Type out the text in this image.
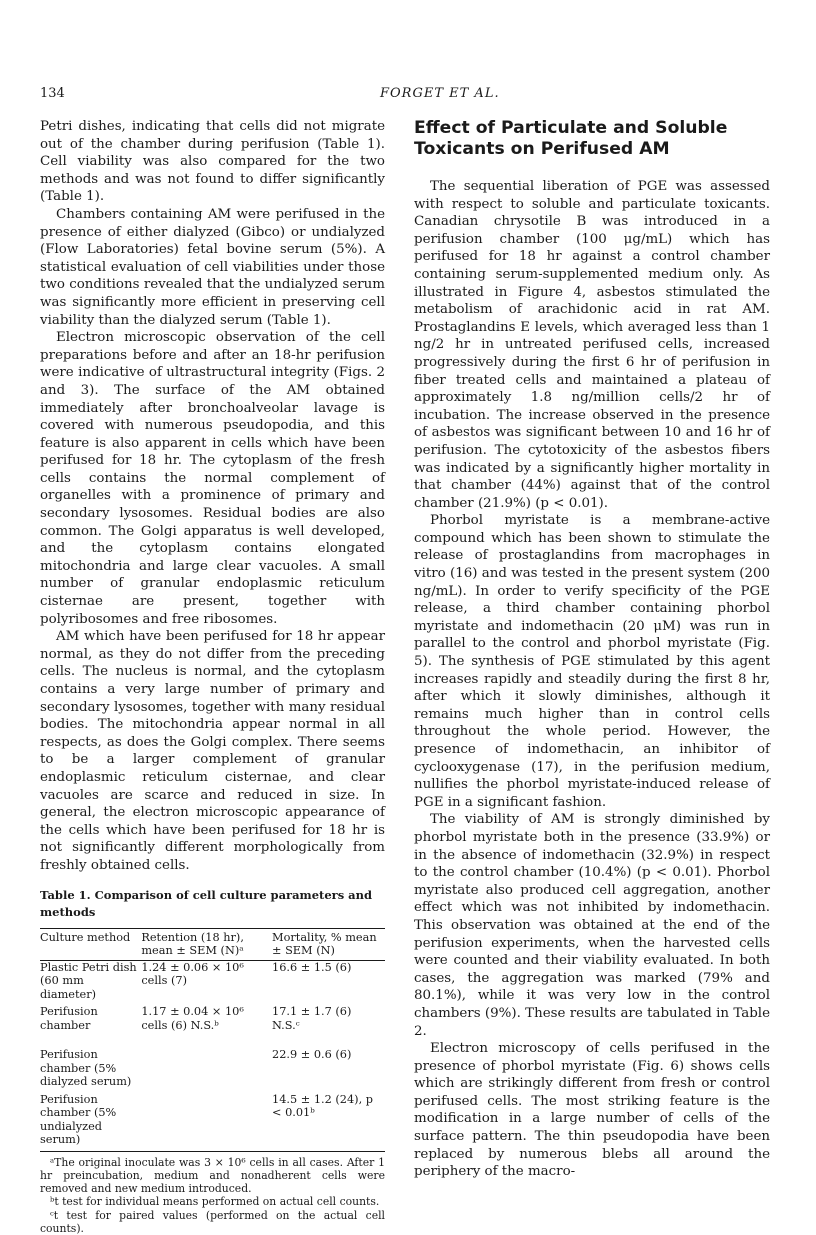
134	FORGET ET AL.

Petri dishes, indicating that cells did not migrate out of the chamber during perifusion (Table 1). Cell viability was also compared for the two methods and was not found to differ significantly (Table 1).

Chambers containing AM were perifused in the presence of either dialyzed (Gibco) or undialyzed (Flow Laboratories) fetal bovine serum (5%). A statistical evaluation of cell viabilities under those two conditions revealed that the undialyzed serum was significantly more efficient in preserving cell viability than the dialyzed serum (Table 1).

Electron microscopic observation of the cell preparations before and after an 18-hr perifusion were indicative of ultrastructural integrity (Figs. 2 and 3). The surface of the AM obtained immediately after bronchoalveolar lavage is covered with numerous pseudopodia, and this feature is also apparent in cells which have been perifused for 18 hr. The cytoplasm of the fresh cells contains the normal complement of organelles with a prominence of primary and secondary lysosomes. Residual bodies are also common. The Golgi apparatus is well developed, and the cytoplasm contains elongated mitochondria and large clear vacuoles. A small number of granular endoplasmic reticulum cisternae are present, together with polyribosomes and free ribosomes.

AM which have been perifused for 18 hr appear normal, as they do not differ from the preceding cells. The nucleus is normal, and the cytoplasm contains a very large number of primary and secondary lysosomes, together with many residual bodies. The mitochondria appear normal in all respects, as does the Golgi complex. There seems to be a larger complement of granular endoplasmic reticulum cisternae, and clear vacuoles are scarce and reduced in size. In general, the electron microscopic appearance of the cells which have been perifused for 18 hr is not significantly different morphologically from freshly obtained cells.

Table 1. Comparison of cell culture parameters and methods
Culture method	Retention (18 hr), mean ± SEM (N)ᵃ	Mortality, % mean ± SEM (N)
Plastic Petri dish (60 mm diameter)	1.24 ± 0.06 × 10⁶ cells (7)	16.6 ± 1.5 (6)
Perifusion chamber	1.17 ± 0.04 × 10⁶ cells (6) N.S.ᵇ	17.1 ± 1.7 (6) N.S.ᶜ

Perifusion chamber (5% dialyzed serum)		22.9 ± 0.6 (6)
Perifusion chamber (5% undialyzed serum)		14.5 ± 1.2 (24), p < 0.01ᵇ
ᵃThe original inoculate was 3 × 10⁶ cells in all cases. After 1 hr preincubation, medium and nonadherent cells were removed and new medium introduced.
ᵇt test for individual means performed on actual cell counts.
ᶜt test for paired values (performed on the actual cell counts).
Effect of Particulate and Soluble Toxicants on Perifused AM

The sequential liberation of PGE was assessed with respect to soluble and particulate toxicants. Canadian chrysotile B was introduced in a perifusion chamber (100 μg/mL) which has perifused for 18 hr against a control chamber containing serum-supplemented medium only. As illustrated in Figure 4, asbestos stimulated the metabolism of arachidonic acid in rat AM. Prostaglandins E levels, which averaged less than 1 ng/2 hr in untreated perifused cells, increased progressively during the first 6 hr of perifusion in fiber treated cells and maintained a plateau of approximately 1.8 ng/million cells/2 hr of incubation. The increase observed in the presence of asbestos was significant between 10 and 16 hr of perifusion. The cytotoxicity of the asbestos fibers was indicated by a significantly higher mortality in that chamber (44%) against that of the control chamber (21.9%) (p < 0.01).

Phorbol myristate is a membrane-active compound which has been shown to stimulate the release of prostaglandins from macrophages in vitro (16) and was tested in the present system (200 ng/mL). In order to verify specificity of the PGE release, a third chamber containing phorbol myristate and indomethacin (20 μM) was run in parallel to the control and phorbol myristate (Fig. 5). The synthesis of PGE stimulated by this agent increases rapidly and steadily during the first 8 hr, after which it slowly diminishes, although it remains much higher than in control cells throughout the whole period. However, the presence of indomethacin, an inhibitor of cyclooxygenase (17), in the perifusion medium, nullifies the phorbol myristate-induced release of PGE in a significant fashion.

The viability of AM is strongly diminished by phorbol myristate both in the presence (33.9%) or in the absence of indomethacin (32.9%) in respect to the control chamber (10.4%) (p < 0.01). Phorbol myristate also produced cell aggregation, another effect which was not inhibited by indomethacin. This observation was obtained at the end of the perifusion experiments, when the harvested cells were counted and their viability evaluated. In both cases, the aggregation was marked (79% and 80.1%), while it was very low in the control chambers (9%). These results are tabulated in Table 2.

Electron microscopy of cells perifused in the presence of phorbol myristate (Fig. 6) shows cells which are strikingly different from fresh or control perifused cells. The most striking feature is the modification in a large number of cells of the surface pattern. The thin pseudopodia have been replaced by numerous blebs all around the periphery of the macro-
